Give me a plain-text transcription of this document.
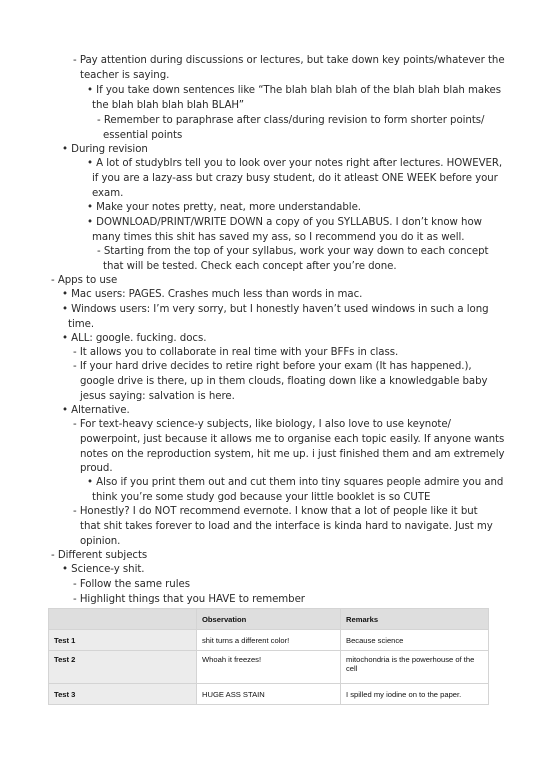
- Pay attention during discussions or lectures, but take down key points/whatever the
teacher is saying.
• If you take down sentences like “The blah blah blah of the blah blah blah makes
the blah blah blah blah BLAH”
- Remember to paraphrase after class/during revision to form shorter points/
essential points
• During revision
• A lot of studyblrs tell you to look over your notes right after lectures. HOWEVER,
if you are a lazy-ass but crazy busy student, do it atleast ONE WEEK before your
exam.
• Make your notes pretty, neat, more understandable.
• DOWNLOAD/PRINT/WRITE DOWN a copy of you SYLLABUS. I don’t know how
many times this shit has saved my ass, so I recommend you do it as well.
- Starting from the top of your syllabus, work your way down to each concept
that will be tested. Check each concept after you’re done.
- Apps to use
• Mac users: PAGES. Crashes much less than words in mac.
• Windows users: I’m very sorry, but I honestly haven’t used windows in such a long
time.
• ALL: google. fucking. docs.
- It allows you to collaborate in real time with your BFFs in class.
- If your hard drive decides to retire right before your exam (It has happened.),
google drive is there, up in them clouds, floating down like a knowledgable baby
jesus saying: salvation is here.
• Alternative.
- For text-heavy science-y subjects, like biology, I also love to use keynote/
powerpoint, just because it allows me to organise each topic easily. If anyone wants
notes on the reproduction system, hit me up. i just finished them and am extremely
proud.
• Also if you print them out and cut them into tiny squares people admire you and
think you’re some study god because your little booklet is so CUTE
- Honestly? I do NOT recommend evernote. I know that a lot of people like it but
that shit takes forever to load and the interface is kinda hard to navigate. Just my
opinion.
- Different subjects
• Science-y shit.
- Follow the same rules
- Highlight things that you HAVE to remember
	Observation	Remarks
Test 1	shit turns a different color!	Because science
Test 2	Whoah it freezes!	mitochondria is the powerhouse of the cell
Test 3	HUGE ASS STAIN	I spilled my iodine on to the paper.
